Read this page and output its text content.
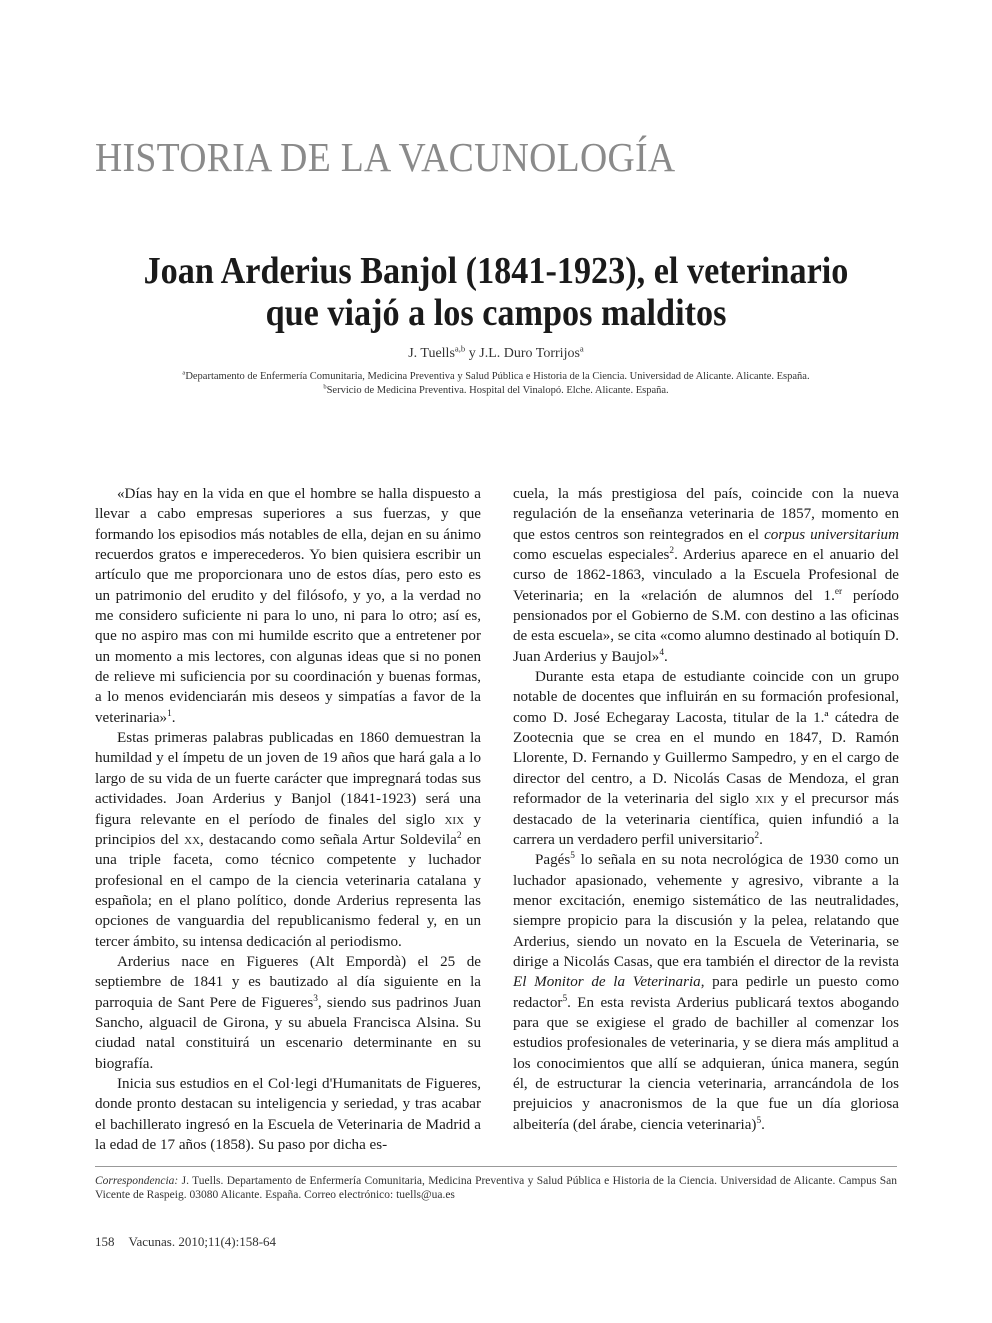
HISTORIA DE LA VACUNOLOGÍA
Joan Arderius Banjol (1841-1923), el veterinario
que viajó a los campos malditos
J. Tuells$^{a,b}$ y J.L. Duro Torrijos$^a$
$^a$Departamento de Enfermería Comunitaria, Medicina Preventiva y Salud Pública e Historia de la Ciencia. Universidad de Alicante. Alicante. España.
$^b$Servicio de Medicina Preventiva. Hospital del Vinalopó. Elche. Alicante. España.

«Días hay en la vida en que el hombre se halla dispuesto a llevar a cabo empresas superiores a sus fuerzas, y que formando los episodios más notables de ella, dejan en su ánimo recuerdos gratos e imperecederos. Yo bien quisiera escribir un artículo que me proporcionara uno de estos días, pero esto es un patrimonio del erudito y del filósofo, y yo, a la verdad no me considero suficiente ni para lo uno, ni para lo otro; así es, que no aspiro mas con mi humilde escrito que a entretener por un momento a mis lectores, con algunas ideas que si no ponen de relieve mi suficiencia por su coordinación y buenas formas, a lo menos evidenciarán mis deseos y simpatías a favor de la veterinaria»$^1$.

Estas primeras palabras publicadas en 1860 demuestran la humildad y el ímpetu de un joven de 19 años que hará gala a lo largo de su vida de un fuerte carácter que impregnará todas sus actividades. Joan Arderius y Banjol (1841-1923) será una figura relevante en el período de finales del siglo xix y principios del xx, destacando como señala Artur Soldevila$^2$ en una triple faceta, como técnico competente y luchador profesional en el campo de la ciencia veterinaria catalana y española; en el plano político, donde Arderius representa las opciones de vanguardia del republicanismo federal y, en un tercer ámbito, su intensa dedicación al periodismo.

Arderius nace en Figueres (Alt Empordà) el 25 de septiembre de 1841 y es bautizado al día siguiente en la parroquia de Sant Pere de Figueres$^3$, siendo sus padrinos Juan Sancho, alguacil de Girona, y su abuela Francisca Alsina. Su ciudad natal constituirá un escenario determinante en su biografía.

Inicia sus estudios en el Col·legi d'Humanitats de Figueres, donde pronto destacan su inteligencia y seriedad, y tras acabar el bachillerato ingresó en la Escuela de Veterinaria de Madrid a la edad de 17 años (1858). Su paso por dicha es-

cuela, la más prestigiosa del país, coincide con la nueva regulación de la enseñanza veterinaria de 1857, momento en que estos centros son reintegrados en el corpus universitarium como escuelas especiales$^2$. Arderius aparece en el anuario del curso de 1862-1863, vinculado a la Escuela Profesional de Veterinaria; en la «relación de alumnos del 1.$^{er}$ período pensionados por el Gobierno de S.M. con destino a las oficinas de esta escuela», se cita «como alumno destinado al botiquín D. Juan Arderius y Baujol»$^4$.

Durante esta etapa de estudiante coincide con un grupo notable de docentes que influirán en su formación profesional, como D. José Echegaray Lacosta, titular de la 1.ª cátedra de Zootecnia que se crea en el mundo en 1847, D. Ramón Llorente, D. Fernando y Guillermo Sampedro, y en el cargo de director del centro, a D. Nicolás Casas de Mendoza, el gran reformador de la veterinaria del siglo xix y el precursor más destacado de la veterinaria científica, quien infundió a la carrera un verdadero perfil universitario$^2$.

Pagés$^5$ lo señala en su nota necrológica de 1930 como un luchador apasionado, vehemente y agresivo, vibrante a la menor excitación, enemigo sistemático de las neutralidades, siempre propicio para la discusión y la pelea, relatando que Arderius, siendo un novato en la Escuela de Veterinaria, se dirige a Nicolás Casas, que era también el director de la revista El Monitor de la Veterinaria, para pedirle un puesto como redactor$^5$. En esta revista Arderius publicará textos abogando para que se exigiese el grado de bachiller al comenzar los estudios profesionales de veterinaria, y se diera más amplitud a los conocimientos que allí se adquieran, única manera, según él, de estructurar la ciencia veterinaria, arrancándola de los prejuicios y anacronismos de la que fue un día gloriosa albeitería (del árabe, ciencia veterinaria)$^5$.

Correspondencia: J. Tuells. Departamento de Enfermería Comunitaria, Medicina Preventiva y Salud Pública e Historia de la Ciencia. Universidad de Alicante. Campus San Vicente de Raspeig. 03080 Alicante. España. Correo electrónico: tuells@ua.es
158 Vacunas. 2010;11(4):158-64
